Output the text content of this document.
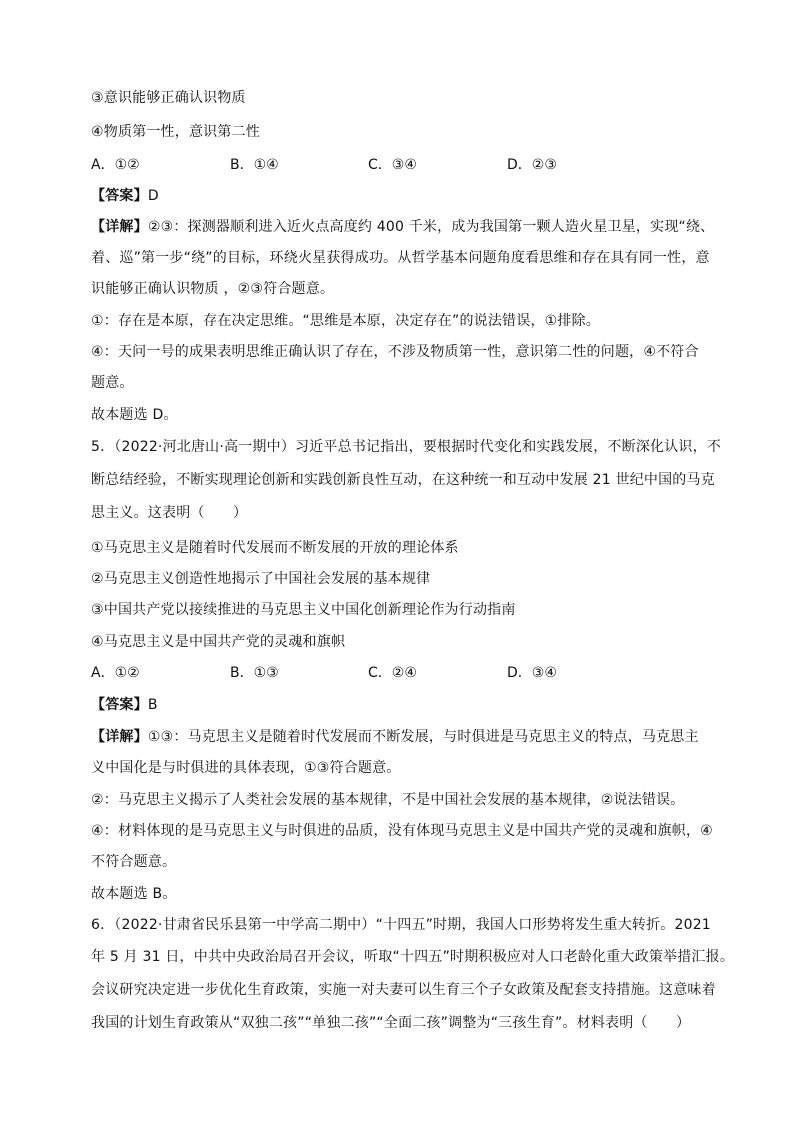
③意识能够正确认识物质
④物质第一性，意识第二性
A．①②	B．①④	C．③④	D．②③
【答案】D
【详解】②③：探测器顺利进入近火点高度约 400 千米，成为我国第一颗人造火星卫星，实现“绕、
着、巡”第一步“绕”的目标，环绕火星获得成功。从哲学基本问题角度看思维和存在具有同一性，意
识能够正确认识物质 ，②③符合题意。
①：存在是本原，存在决定思维。“思维是本原，决定存在”的说法错误，①排除。
④：天问一号的成果表明思维正确认识了存在，不涉及物质第一性，意识第二性的问题，④不符合
题意。
故本题选 D。
5．（2022·河北唐山·高一期中）习近平总书记指出，要根据时代变化和实践发展，不断深化认识，不
断总结经验，不断实现理论创新和实践创新良性互动，在这种统一和互动中发展 21 世纪中国的马克
思主义。这表明（　　）
①马克思主义是随着时代发展而不断发展的开放的理论体系
②马克思主义创造性地揭示了中国社会发展的基本规律
③中国共产党以接续推进的马克思主义中国化创新理论作为行动指南
④马克思主义是中国共产党的灵魂和旗帜
A．①②	B．①③	C．②④	D．③④
【答案】B
【详解】①③：马克思主义是随着时代发展而不断发展，与时俱进是马克思主义的特点，马克思主
义中国化是与时俱进的具体表现，①③符合题意。
②：马克思主义揭示了人类社会发展的基本规律，不是中国社会发展的基本规律，②说法错误。
④：材料体现的是马克思主义与时俱进的品质，没有体现马克思主义是中国共产党的灵魂和旗帜，④
不符合题意。
故本题选 B。
6．（2022·甘肃省民乐县第一中学高二期中）“十四五”时期，我国人口形势将发生重大转折。2021
年 5 月 31 日，中共中央政治局召开会议，听取“十四五”时期积极应对人口老龄化重大政策举措汇报。
会议研究决定进一步优化生育政策，实施一对夫妻可以生育三个子女政策及配套支持措施。这意味着
我国的计划生育政策从“双独二孩”“单独二孩”“全面二孩”调整为“三孩生育”。材料表明（　　）
